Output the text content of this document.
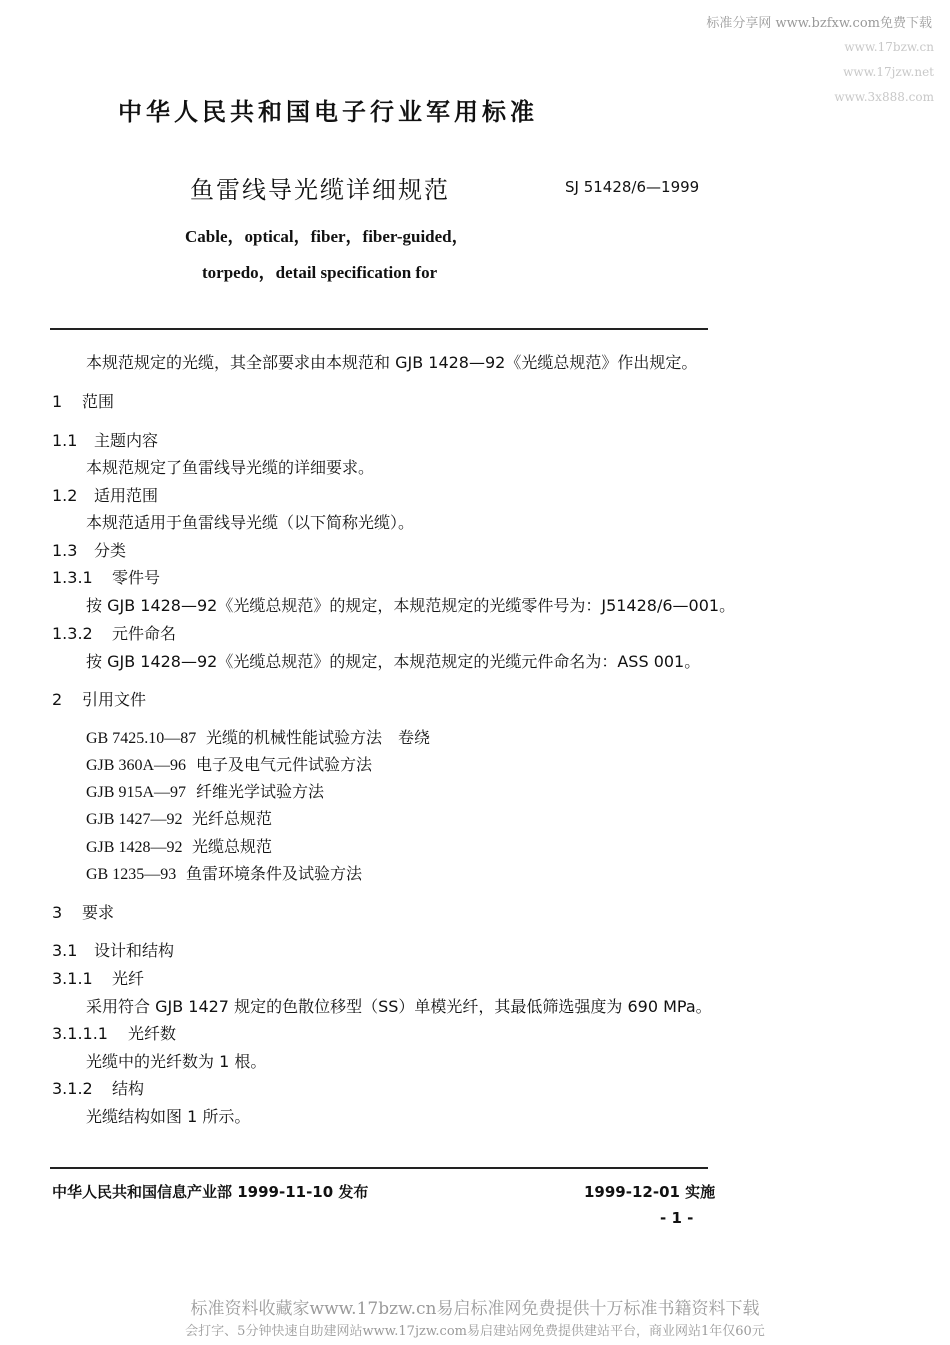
标准分享网 www.bzfxw.com免费下载
www.17bzw.cn
www.17jzw.net
www.3x888.com
中华人民共和国电子行业军用标准
鱼雷线导光缆详细规范	SJ 51428/6—1999
Cable，optical，fiber，fiber-guided，
torpedo，detail specification for
本规范规定的光缆，其全部要求由本规范和 GJB 1428—92《光缆总规范》作出规定。
1 范围
1.1 主题内容
本规范规定了鱼雷线导光缆的详细要求。
1.2 适用范围
本规范适用于鱼雷线导光缆（以下简称光缆）。
1.3 分类
1.3.1 零件号
按 GJB 1428—92《光缆总规范》的规定，本规范规定的光缆零件号为：J51428/6—001。
1.3.2 元件命名
按 GJB 1428—92《光缆总规范》的规定，本规范规定的光缆元件命名为：ASS 001。
2 引用文件
GB 7425.10—87 光缆的机械性能试验方法　卷绕
GJB 360A—96 电子及电气元件试验方法
GJB 915A—97 纤维光学试验方法
GJB 1427—92 光纤总规范
GJB 1428—92 光缆总规范
GB 1235—93 鱼雷环境条件及试验方法
3 要求
3.1 设计和结构
3.1.1 光纤
采用符合 GJB 1427 规定的色散位移型（SS）单模光纤，其最低筛选强度为 690 MPa。
3.1.1.1 光纤数
光缆中的光纤数为 1 根。
3.1.2 结构
光缆结构如图 1 所示。
中华人民共和国信息产业部 1999-11-10 发布	1999-12-01 实施
- 1 -
标准资料收藏家www.17bzw.cn易启标准网免费提供十万标准书籍资料下载
会打字、5分钟快速自助建网站www.17jzw.com易启建站网免费提供建站平台，商业网站1年仅60元
